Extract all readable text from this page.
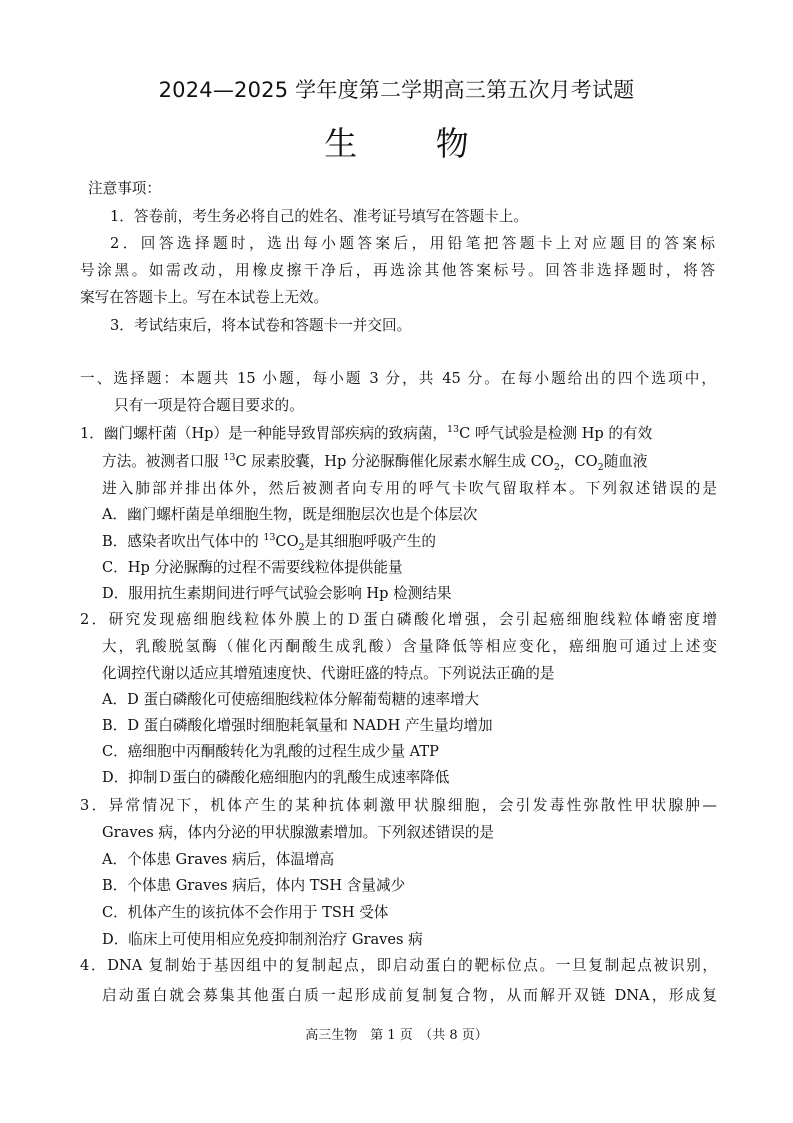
2024—2025 学年度第二学期高三第五次月考试题
生 物
注意事项：
1．答卷前，考生务必将自己的姓名、准考证号填写在答题卡上。
2．回答选择题时，选出每小题答案后，用铅笔把答题卡上对应题目的答案标
号涂黑。如需改动，用橡皮擦干净后，再选涂其他答案标号。回答非选择题时，将答
案写在答题卡上。写在本试卷上无效。
3．考试结束后，将本试卷和答题卡一并交回。
一、选择题：本题共 15 小题，每小题 3 分，共 45 分。在每小题给出的四个选项中，
只有一项是符合题目要求的。
1．幽门螺杆菌（Hp）是一种能导致胃部疾病的致病菌，$^{13}$C 呼气试验是检测 Hp 的有效
方法。被测者口服 $^{13}$C 尿素胶囊，Hp 分泌脲酶催化尿素水解生成 $CO_2$，$CO_2$随血液
进入肺部并排出体外，然后被测者向专用的呼气卡吹气留取样本。下列叙述错误的是
A．幽门螺杆菌是单细胞生物，既是细胞层次也是个体层次
B．感染者吹出气体中的 $^{13}CO_2$是其细胞呼吸产生的
C．Hp 分泌脲酶的过程不需要线粒体提供能量
D．服用抗生素期间进行呼气试验会影响 Hp 检测结果
2．研究发现癌细胞线粒体外膜上的Ｄ蛋白磷酸化增强，会引起癌细胞线粒体嵴密度增
大，乳酸脱氢酶（催化丙酮酸生成乳酸）含量降低等相应变化，癌细胞可通过上述变
化调控代谢以适应其增殖速度快、代谢旺盛的特点。下列说法正确的是
A．D 蛋白磷酸化可使癌细胞线粒体分解葡萄糖的速率增大
B．D 蛋白磷酸化增强时细胞耗氧量和 NADH 产生量均增加
C．癌细胞中丙酮酸转化为乳酸的过程生成少量 ATP
D．抑制Ｄ蛋白的磷酸化癌细胞内的乳酸生成速率降低
3．异常情况下，机体产生的某种抗体刺激甲状腺细胞，会引发毒性弥散性甲状腺肿—
Graves 病，体内分泌的甲状腺激素增加。下列叙述错误的是
A．个体患 Graves 病后，体温增高
B．个体患 Graves 病后，体内 TSH 含量减少
C．机体产生的该抗体不会作用于 TSH 受体
D．临床上可使用相应免疫抑制剂治疗 Graves 病
4．DNA 复制始于基因组中的复制起点，即启动蛋白的靶标位点。一旦复制起点被识别，
启动蛋白就会募集其他蛋白质一起形成前复制复合物，从而解开双链 DNA，形成复
高三生物　第 1 页　（共 8 页）
